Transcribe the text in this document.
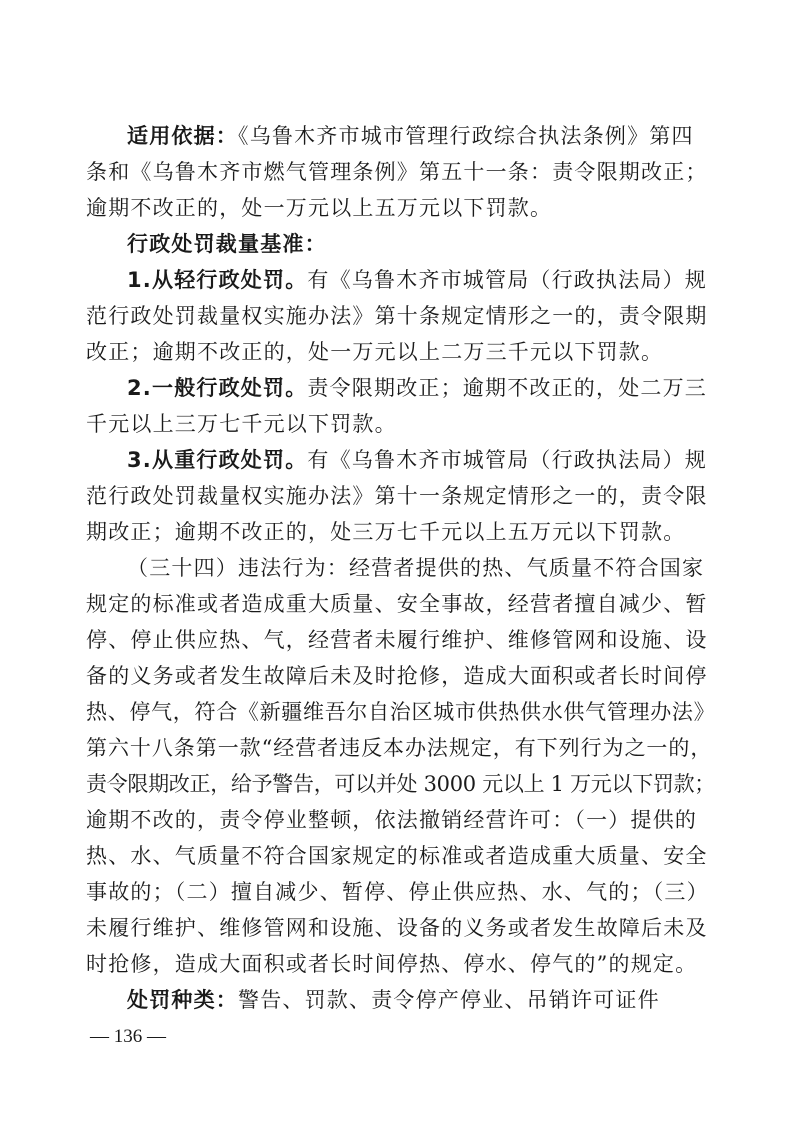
适用依据：《乌鲁木齐市城市管理行政综合执法条例》第四
条和《乌鲁木齐市燃气管理条例》第五十一条：责令限期改正；
逾期不改正的，处一万元以上五万元以下罚款。
行政处罚裁量基准：
1.从轻行政处罚。有《乌鲁木齐市城管局（行政执法局）规
范行政处罚裁量权实施办法》第十条规定情形之一的，责令限期
改正；逾期不改正的，处一万元以上二万三千元以下罚款。
2.一般行政处罚。责令限期改正；逾期不改正的，处二万三
千元以上三万七千元以下罚款。
3.从重行政处罚。有《乌鲁木齐市城管局（行政执法局）规
范行政处罚裁量权实施办法》第十一条规定情形之一的，责令限
期改正；逾期不改正的，处三万七千元以上五万元以下罚款。
（三十四）违法行为：经营者提供的热、气质量不符合国家
规定的标准或者造成重大质量、安全事故，经营者擅自减少、暂
停、停止供应热、气，经营者未履行维护、维修管网和设施、设
备的义务或者发生故障后未及时抢修，造成大面积或者长时间停
热、停气，符合《新疆维吾尔自治区城市供热供水供气管理办法》
第六十八条第一款“经营者违反本办法规定，有下列行为之一的，
责令限期改正，给予警告，可以并处 3000 元以上 1 万元以下罚款；
逾期不改的，责令停业整顿，依法撤销经营许可：（一）提供的
热、水、气质量不符合国家规定的标准或者造成重大质量、安全
事故的；（二）擅自减少、暂停、停止供应热、水、气的；（三）
未履行维护、维修管网和设施、设备的义务或者发生故障后未及
时抢修，造成大面积或者长时间停热、停水、停气的”的规定。
处罚种类：警告、罚款、责令停产停业、吊销许可证件
— 136 —
